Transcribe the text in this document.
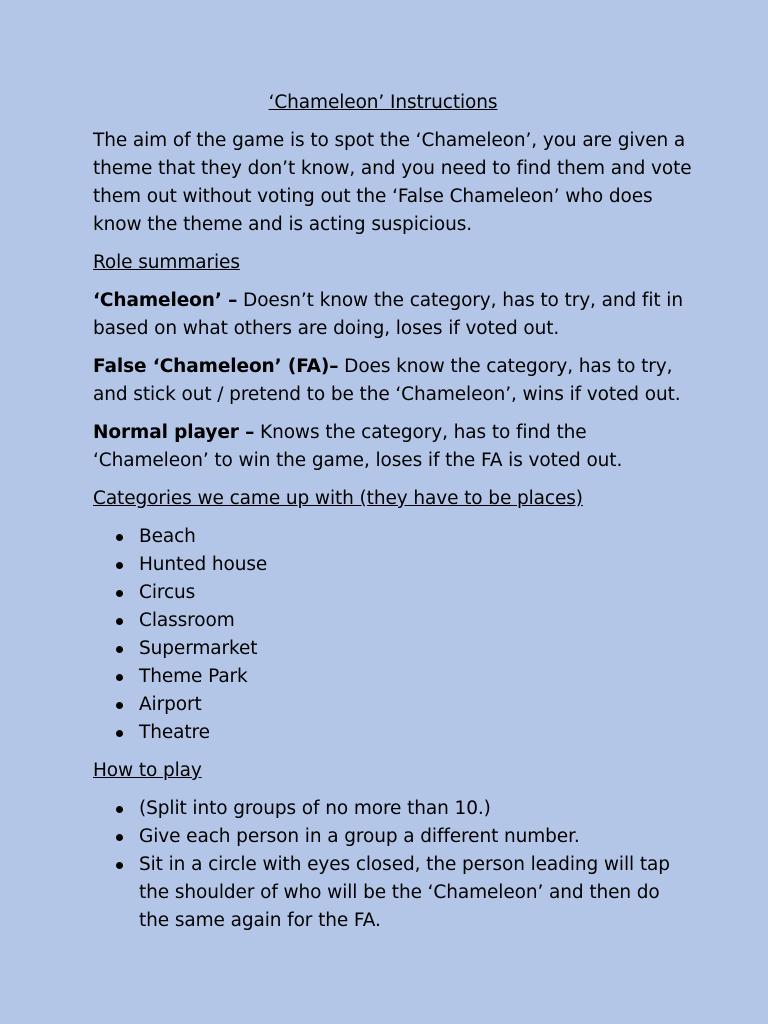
‘Chameleon’ Instructions

The aim of the game is to spot the ‘Chameleon’, you are given a theme that they don’t know, and you need to find them and vote them out without voting out the ‘False Chameleon’ who does know the theme and is acting suspicious.

Role summaries

‘Chameleon’ – Doesn’t know the category, has to try, and fit in based on what others are doing, loses if voted out.

False ‘Chameleon’ (FA)– Does know the category, has to try, and stick out / pretend to be the ‘Chameleon’, wins if voted out.

Normal player – Knows the category, has to find the ‘Chameleon’ to win the game, loses if the FA is voted out.

Categories we came up with (they have to be places)
Beach
Hunted house
Circus
Classroom
Supermarket
Theme Park
Airport
Theatre
How to play
(Split into groups of no more than 10.)
Give each person in a group a different number.
Sit in a circle with eyes closed, the person leading will tap the shoulder of who will be the ‘Chameleon’ and then do the same again for the FA.
